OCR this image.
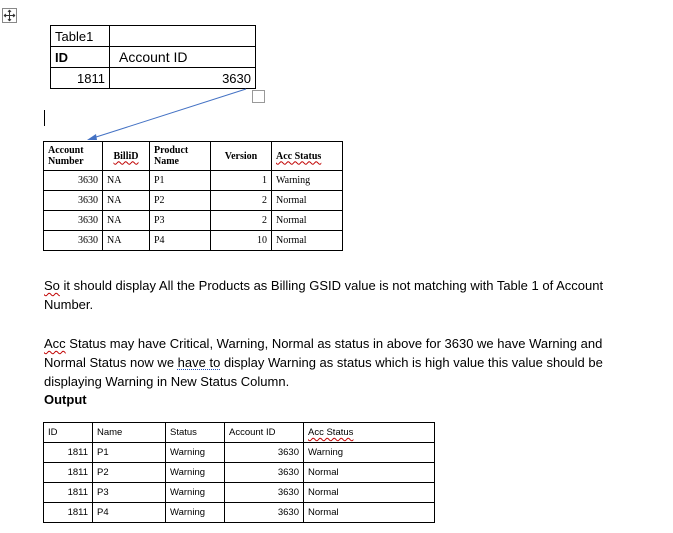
Table1	
ID	Account ID
1811	3630
Account Number	BilliD	Product Name	Version	Acc Status
3630	NA	P1	1	Warning
3630	NA	P2	2	Normal
3630	NA	P3	2	Normal
3630	NA	P4	10	Normal
So it should display All the Products as Billing GSID value is not matching with Table 1 of Account Number.
Acc Status may have Critical, Warning, Normal as status in above for 3630 we have Warning and Normal Status now we have to display Warning as status which is high value this value should be displaying Warning in New Status Column.
Output
ID	Name	Status	Account ID	Acc Status
1811	P1	Warning	3630	Warning
1811	P2	Warning	3630	Normal
1811	P3	Warning	3630	Normal
1811	P4	Warning	3630	Normal
